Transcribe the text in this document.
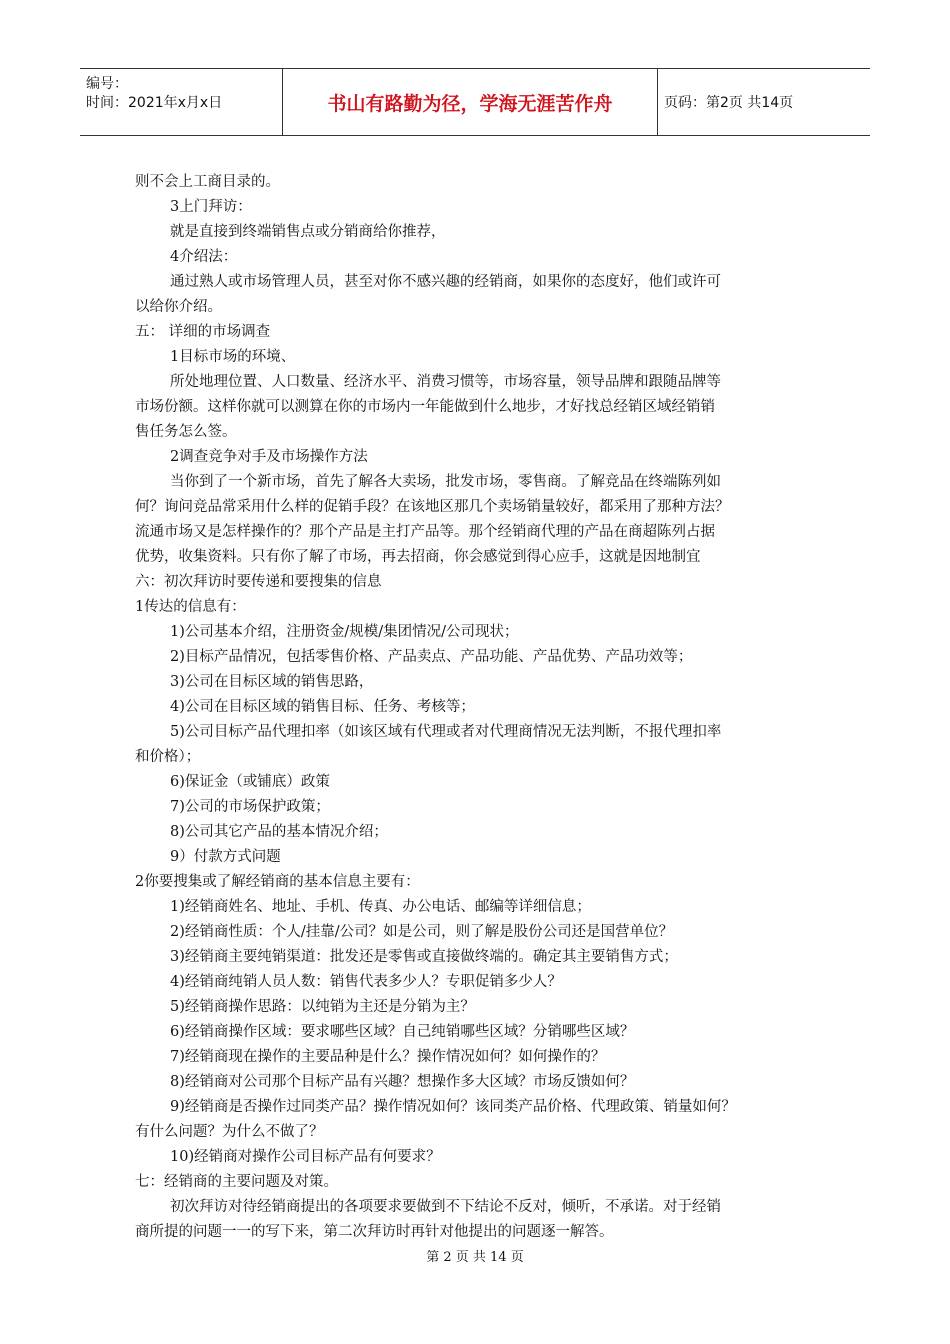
编号：
时间：2021年x月x日	书山有路勤为径，学海无涯苦作舟	页码：第2页 共14页
则不会上工商目录的。
3上门拜访：
就是直接到终端销售点或分销商给你推荐，
4介绍法：
通过熟人或市场管理人员，甚至对你不感兴趣的经销商，如果你的态度好，他们或许可
以给你介绍。
五： 详细的市场调查
1目标市场的环境、
所处地理位置、人口数量、经济水平、消费习惯等，市场容量，领导品牌和跟随品牌等
市场份额。这样你就可以测算在你的市场内一年能做到什么地步，才好找总经销区域经销销
售任务怎么签。
2调查竞争对手及市场操作方法
当你到了一个新市场，首先了解各大卖场，批发市场，零售商。了解竞品在终端陈列如
何？询问竞品常采用什么样的促销手段？在该地区那几个卖场销量较好，都采用了那种方法？
流通市场又是怎样操作的？那个产品是主打产品等。那个经销商代理的产品在商超陈列占据
优势，收集资料。只有你了解了市场，再去招商，你会感觉到得心应手，这就是因地制宜
六：初次拜访时要传递和要搜集的信息
1传达的信息有：
1)公司基本介绍，注册资金/规模/集团情况/公司现状；
2)目标产品情况，包括零售价格、产品卖点、产品功能、产品优势、产品功效等；
3)公司在目标区域的销售思路，
4)公司在目标区域的销售目标、任务、考核等；
5)公司目标产品代理扣率（如该区域有代理或者对代理商情况无法判断，不报代理扣率
和价格）；
6)保证金（或铺底）政策
7)公司的市场保护政策；
8)公司其它产品的基本情况介绍；
9）付款方式问题
2你要搜集或了解经销商的基本信息主要有：
1)经销商姓名、地址、手机、传真、办公电话、邮编等详细信息；
2)经销商性质：个人/挂靠/公司？如是公司，则了解是股份公司还是国营单位？
3)经销商主要纯销渠道：批发还是零售或直接做终端的。确定其主要销售方式；
4)经销商纯销人员人数：销售代表多少人？专职促销多少人？
5)经销商操作思路：以纯销为主还是分销为主？
6)经销商操作区域：要求哪些区域？自己纯销哪些区域？分销哪些区域？
7)经销商现在操作的主要品种是什么？操作情况如何？如何操作的？
8)经销商对公司那个目标产品有兴趣？想操作多大区域？市场反馈如何？
9)经销商是否操作过同类产品？操作情况如何？该同类产品价格、代理政策、销量如何？
有什么问题？为什么不做了？
10)经销商对操作公司目标产品有何要求？
七：经销商的主要问题及对策。
初次拜访对待经销商提出的各项要求要做到不下结论不反对，倾听，不承诺。对于经销
商所提的问题一一的写下来，第二次拜访时再针对他提出的问题逐一解答。
第 2 页 共 14 页
